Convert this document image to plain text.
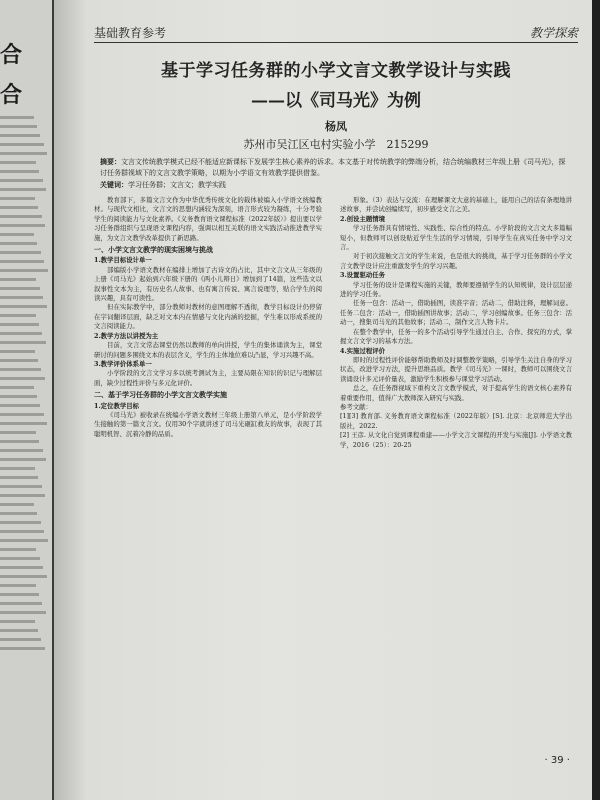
合
合
基础教育参考	教学探索
基于学习任务群的小学文言文教学设计与实践
——以《司马光》为例
杨凤
苏州市吴江区屯村实验小学　215299
摘要：文言文传统教学模式已经不能适应新课标下发展学生核心素养的诉求。本文基于对传统教学的弊端分析，结合统编教材三年级上册《司马光》，探讨任务群视域下的文言文教学策略，以期为小学语文有效教学提供借鉴。
关键词：学习任务群；文言文；教学实践

教育部下，多篇文言文作为中华优秀传统文化的载体被编入小学语文统编教材。与现代文相比，文言文的思想内涵较为深刻，语言形式较为凝练，十分考验学生的阅读能力与文化素养。《义务教育语文课程标准（2022年版）》提出要以学习任务群组织与呈现语文课程内容，强调以相互关联的语文实践活动推进教学实施，为文言文教学改革提供了新思路。

一、小学文言文教学的现实困境与挑战

1.教学目标设计单一

部编版小学语文教材在编排上增加了古诗文的占比，其中文言文从三年级的上册《司马光》起始到六年级下册的《两小儿辩日》增加到了14篇，这些选文以叙事性文本为主，有历史名人故事、也有寓言传说、寓言说理等，贴合学生的阅读兴趣，具有可读性。

但在实际教学中，部分教师对教材的意图理解不透彻，教学目标设计仍停留在字词翻译层面，缺乏对文本内在情感与文化内涵的挖掘，学生难以形成系统的文言阅读能力。

2.教学方法以讲授为主

目前，文言文常态课堂仍然以教师的单向讲授，学生的集体诵读为主，课堂研讨的问题多围绕文本的表层含义，学生的主体地位难以凸显，学习兴趣不高。

3.教学评价体系单一

小学阶段的文言文学习多以统考测试为主，主要局限在知识的识记与理解层面，缺少过程性评价与多元化评价。

二、基于学习任务群的小学文言文教学实施

1.定位教学目标

《司马光》被收录在统编小学语文教材三年级上册第八单元，是小学阶段学生接触的第一篇文言文。仅用30个字就讲述了司马光砸缸救友的故事，表现了其聪明机智、沉着冷静的品质。

形象。（3）表达与交流：在理解课文大意的基础上，能用自己的话有条理地讲述故事，并尝试创编续写，初步感受文言之美。

2.创设主题情境

学习任务群具有情境性、实践性、综合性的特点。小学阶段的文言文大多篇幅短小，但教师可以创设贴近学生生活的学习情境，引导学生在真实任务中学习文言。

对于初次接触文言文的学生来说，也是很大的挑战，基于学习任务群的小学文言文教学设计应注重激发学生的学习兴趣。

3.设置驱动任务

学习任务的设计是课程实施的关键，教师要遵循学生的认知规律，设计层层递进的学习任务。

任务一包含：活动一，借助插图，读准字音；活动二，借助注释，理解词意。任务二包含：活动一，借助插图讲故事；活动二，学习创编故事。任务三包含：活动一，搜集司马光的其他故事；活动二，制作文言人物卡片。

在整个教学中，任务一的多个活动引导学生通过自主、合作、探究的方式，掌握文言文学习的基本方法。

4.实施过程评价

即时的过程性评价能够帮助教师及时调整教学策略，引导学生关注自身的学习状态，改进学习方法，提升思维品质。教学《司马光》一课时，教师可以围绕文言读诵设计多元评价量表，激励学生积极参与课堂学习活动。

总之，在任务群视域下重构文言文教学模式，对于提高学生的语文核心素养有着重要作用，值得广大教师深入研究与实践。

参考文献：

[1][3] 教育部. 义务教育语文课程标准（2022年版）[S]. 北京：北京师范大学出版社，2022.

[2] 王彦. 从文化自觉到课程重建——小学文言文课程的开发与实施[J]. 小学语文教学，2016（25）：20-25

· 39 ·
